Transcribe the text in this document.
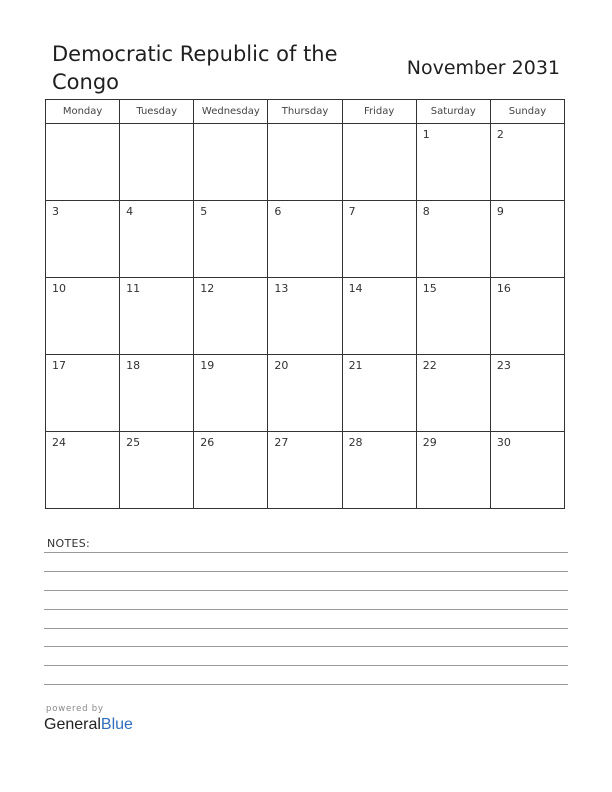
Democratic Republic of the Congo
November 2031
Monday	Tuesday	Wednesday	Thursday	Friday	Saturday	Sunday

					1	2

3	4	5	6	7	8	9

10	11	12	13	14	15	16

17	18	19	20	21	22	23

24	25	26	27	28	29	30
NOTES:
powered by
GeneralBlue
